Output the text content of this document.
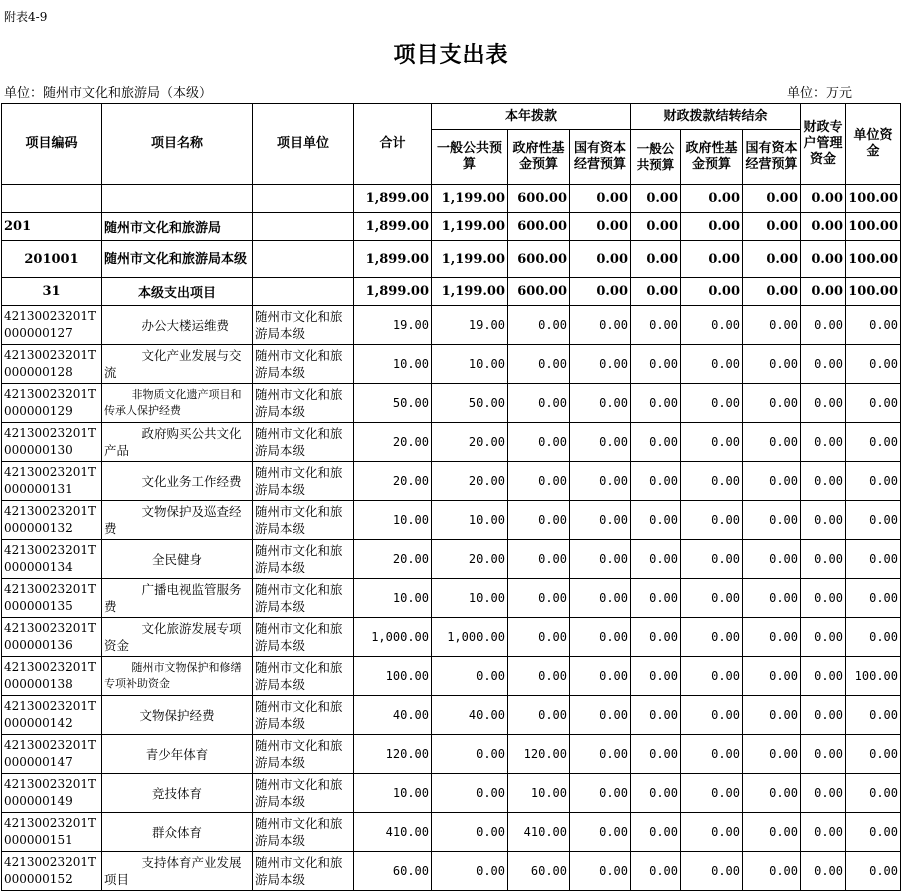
附表4-9
项目支出表
单位：随州市文化和旅游局（本级）	单位：万元
项目编码	项目名称	项目单位	合计	本年拨款			财政拨款结转结余			财政专户管理资金	单位资金
				一般公共预算	政府性基金预算	国有资本经营预算	一般公共预算	政府性基金预算	国有资本经营预算		
			1,899.00	1,199.00	600.00	0.00	0.00	0.00	0.00	0.00	100.00
201	随州市文化和旅游局		1,899.00	1,199.00	600.00	0.00	0.00	0.00	0.00	0.00	100.00
201001	随州市文化和旅游局本级		1,899.00	1,199.00	600.00	0.00	0.00	0.00	0.00	0.00	100.00
31	本级支出项目		1,899.00	1,199.00	600.00	0.00	0.00	0.00	0.00	0.00	100.00
42130023201T000000127	办公大楼运维费	随州市文化和旅游局本级	19.00	19.00	0.00	0.00	0.00	0.00	0.00	0.00	0.00
42130023201T000000128	文化产业发展与交流	随州市文化和旅游局本级	10.00	10.00	0.00	0.00	0.00	0.00	0.00	0.00	0.00
42130023201T000000129	非物质文化遗产项目和传承人保护经费	随州市文化和旅游局本级	50.00	50.00	0.00	0.00	0.00	0.00	0.00	0.00	0.00
42130023201T000000130	政府购买公共文化产品	随州市文化和旅游局本级	20.00	20.00	0.00	0.00	0.00	0.00	0.00	0.00	0.00
42130023201T000000131	文化业务工作经费	随州市文化和旅游局本级	20.00	20.00	0.00	0.00	0.00	0.00	0.00	0.00	0.00
42130023201T000000132	文物保护及巡查经费	随州市文化和旅游局本级	10.00	10.00	0.00	0.00	0.00	0.00	0.00	0.00	0.00
42130023201T000000134	全民健身	随州市文化和旅游局本级	20.00	20.00	0.00	0.00	0.00	0.00	0.00	0.00	0.00
42130023201T000000135	广播电视监管服务费	随州市文化和旅游局本级	10.00	10.00	0.00	0.00	0.00	0.00	0.00	0.00	0.00
42130023201T000000136	文化旅游发展专项资金	随州市文化和旅游局本级	1,000.00	1,000.00	0.00	0.00	0.00	0.00	0.00	0.00	0.00
42130023201T000000138	随州市文物保护和修缮专项补助资金	随州市文化和旅游局本级	100.00	0.00	0.00	0.00	0.00	0.00	0.00	0.00	100.00
42130023201T000000142	文物保护经费	随州市文化和旅游局本级	40.00	40.00	0.00	0.00	0.00	0.00	0.00	0.00	0.00
42130023201T000000147	青少年体育	随州市文化和旅游局本级	120.00	0.00	120.00	0.00	0.00	0.00	0.00	0.00	0.00
42130023201T000000149	竞技体育	随州市文化和旅游局本级	10.00	0.00	10.00	0.00	0.00	0.00	0.00	0.00	0.00
42130023201T000000151	群众体育	随州市文化和旅游局本级	410.00	0.00	410.00	0.00	0.00	0.00	0.00	0.00	0.00
42130023201T000000152	支持体育产业发展项目	随州市文化和旅游局本级	60.00	0.00	60.00	0.00	0.00	0.00	0.00	0.00	0.00
